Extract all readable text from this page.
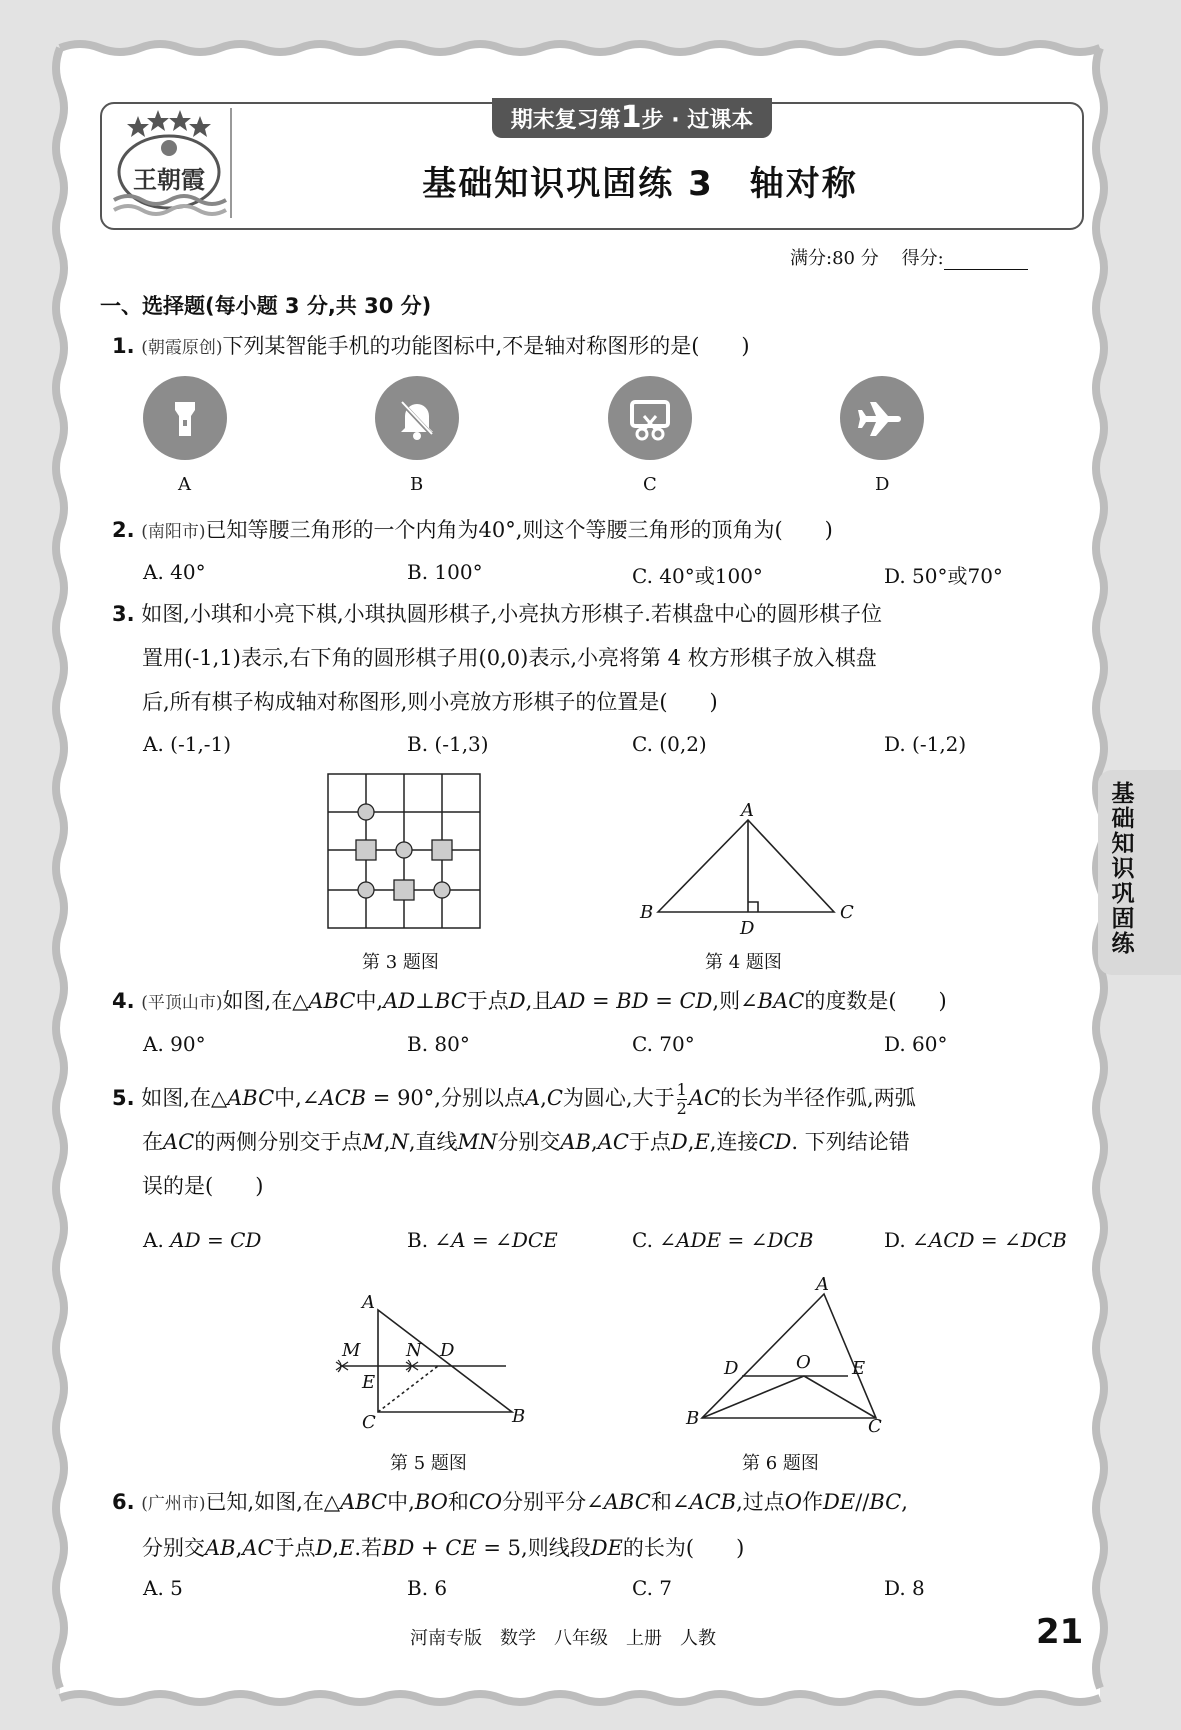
王朝霞
期末复习第1步 · 过课本
基础知识巩固练 3　轴对称
满分:80 分 得分:
一、选择题(每小题 3 分,共 30 分)
1. (朝霞原创)下列某智能手机的功能图标中,不是轴对称图形的是(　　)
A	B	C	D
2. (南阳市)已知等腰三角形的一个内角为40°,则这个等腰三角形的顶角为(　　)
A. 40°	B. 100°	C. 40°或100°	D. 50°或70°
3. 如图,小琪和小亮下棋,小琪执圆形棋子,小亮执方形棋子.若棋盘中心的圆形棋子位
置用(-1,1)表示,右下角的圆形棋子用(0,0)表示,小亮将第 4 枚方形棋子放入棋盘
后,所有棋子构成轴对称图形,则小亮放方形棋子的位置是(　　)
A. (-1,-1)	B. (-1,3)	C. (0,2)	D. (-1,2)
第 3 题图
A
B	C
D
第 4 题图
4. (平顶山市)如图,在△ABC中,AD⊥BC于点D,且AD = BD = CD,则∠BAC的度数是(　　)
A. 90°	B. 80°	C. 70°	D. 60°
5. 如图,在△ABC中,∠ACB = 90°,分别以点A,C为圆心,大于 $\frac{1}{2}$ AC的长为半径作弧,两弧
在AC的两侧分别交于点M,N,直线MN分别交AB,AC于点D,E,连接CD. 下列结论错
误的是(　　)
A. AD = CD	B. ∠A = ∠DCE	C. ∠ADE = ∠DCB	D. ∠ACD = ∠DCB
A
M	N D
E
C	B
第 5 题图
A
D	O E
B	C
第 6 题图
6. (广州市)已知,如图,在△ABC中,BO和CO分别平分∠ABC和∠ACB,过点O作DE//BC,
分别交AB,AC于点D,E.若BD + CE = 5,则线段DE的长为(　　)
A. 5	B. 6	C. 7	D. 8
基础知识巩固练
河南专版　数学　八年级　上册　人教	21
